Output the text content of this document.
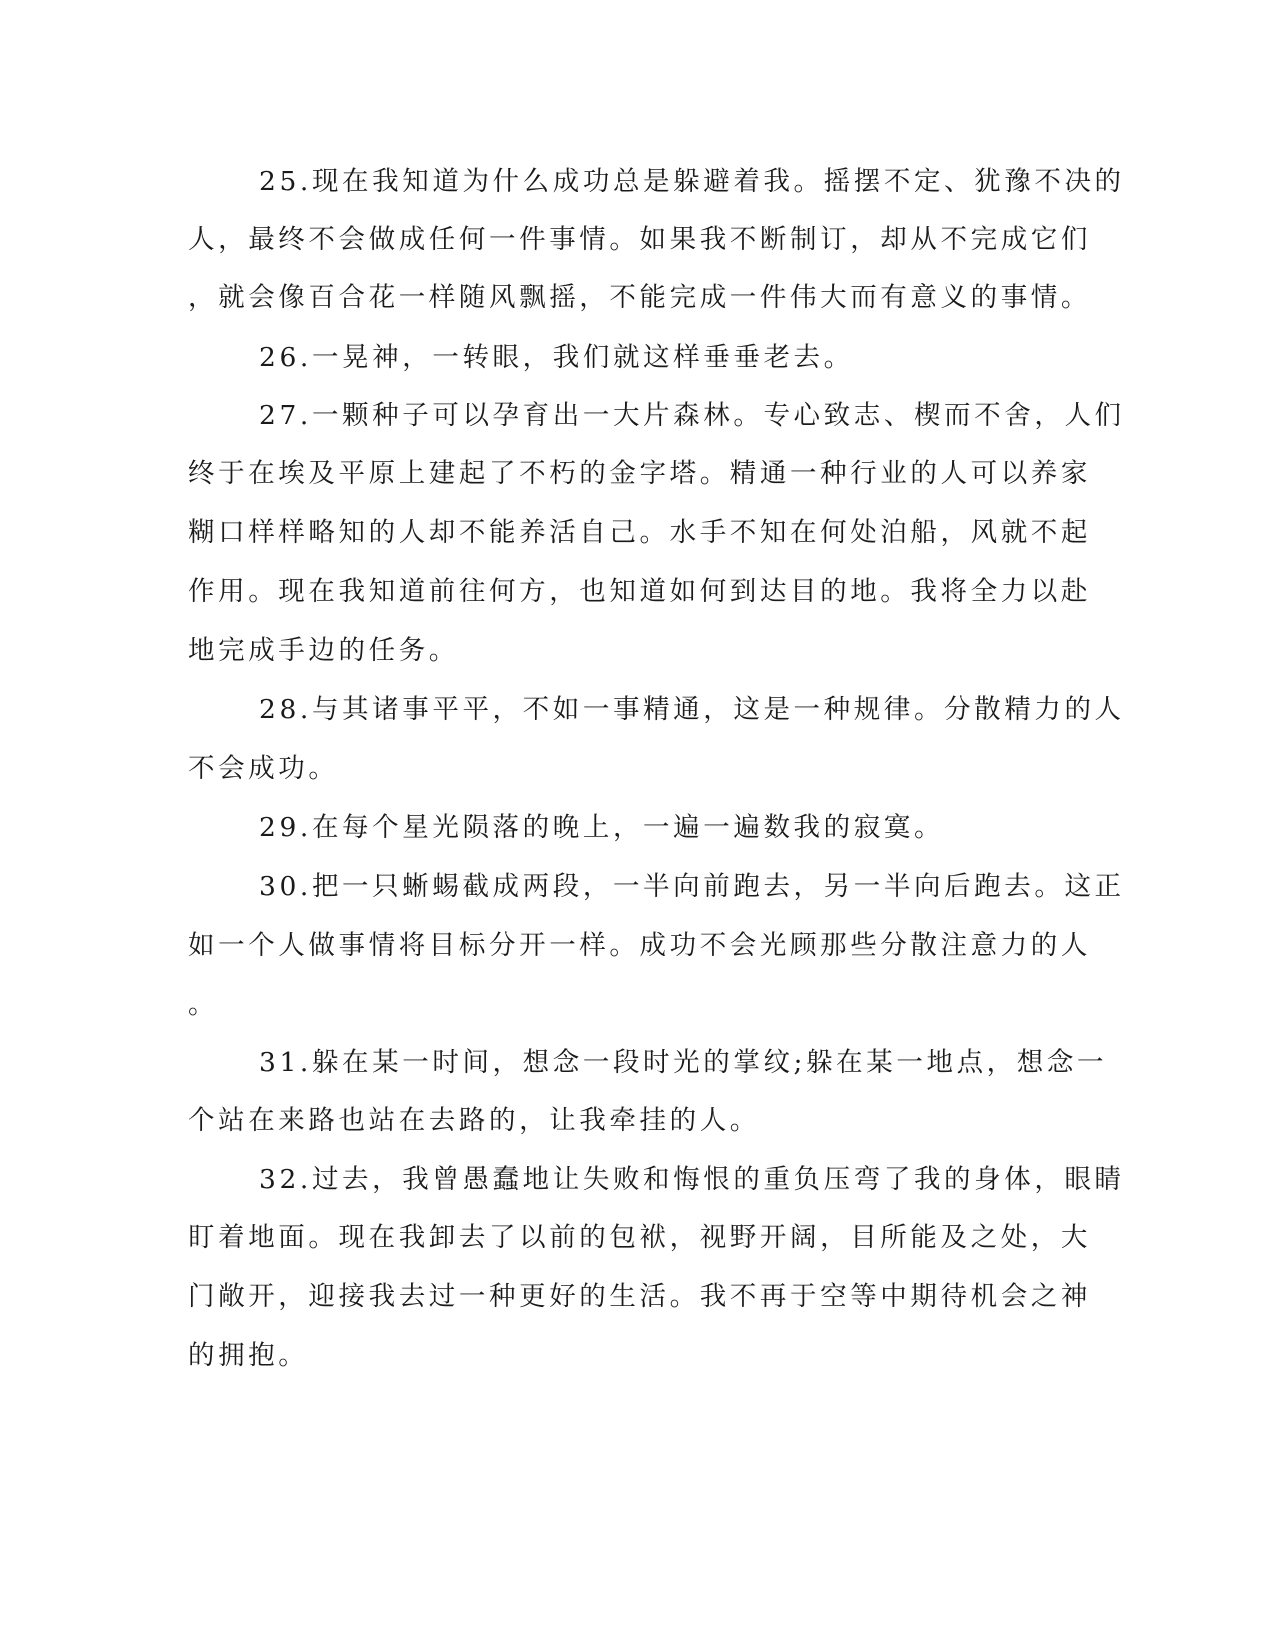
25.现在我知道为什么成功总是躲避着我。摇摆不定、犹豫不决的
人，最终不会做成任何一件事情。如果我不断制订，却从不完成它们
，就会像百合花一样随风飘摇，不能完成一件伟大而有意义的事情。
26.一晃神，一转眼，我们就这样垂垂老去。
27.一颗种子可以孕育出一大片森林。专心致志、楔而不舍，人们
终于在埃及平原上建起了不朽的金字塔。精通一种行业的人可以养家
糊口样样略知的人却不能养活自己。水手不知在何处泊船，风就不起
作用。现在我知道前往何方，也知道如何到达目的地。我将全力以赴
地完成手边的任务。
28.与其诸事平平，不如一事精通，这是一种规律。分散精力的人
不会成功。
29.在每个星光陨落的晚上，一遍一遍数我的寂寞。
30.把一只蜥蜴截成两段，一半向前跑去，另一半向后跑去。这正
如一个人做事情将目标分开一样。成功不会光顾那些分散注意力的人
。
31.躲在某一时间，想念一段时光的掌纹;躲在某一地点，想念一
个站在来路也站在去路的，让我牵挂的人。
32.过去，我曾愚蠢地让失败和悔恨的重负压弯了我的身体，眼睛
盯着地面。现在我卸去了以前的包袱，视野开阔，目所能及之处，大
门敞开，迎接我去过一种更好的生活。我不再于空等中期待机会之神
的拥抱。
